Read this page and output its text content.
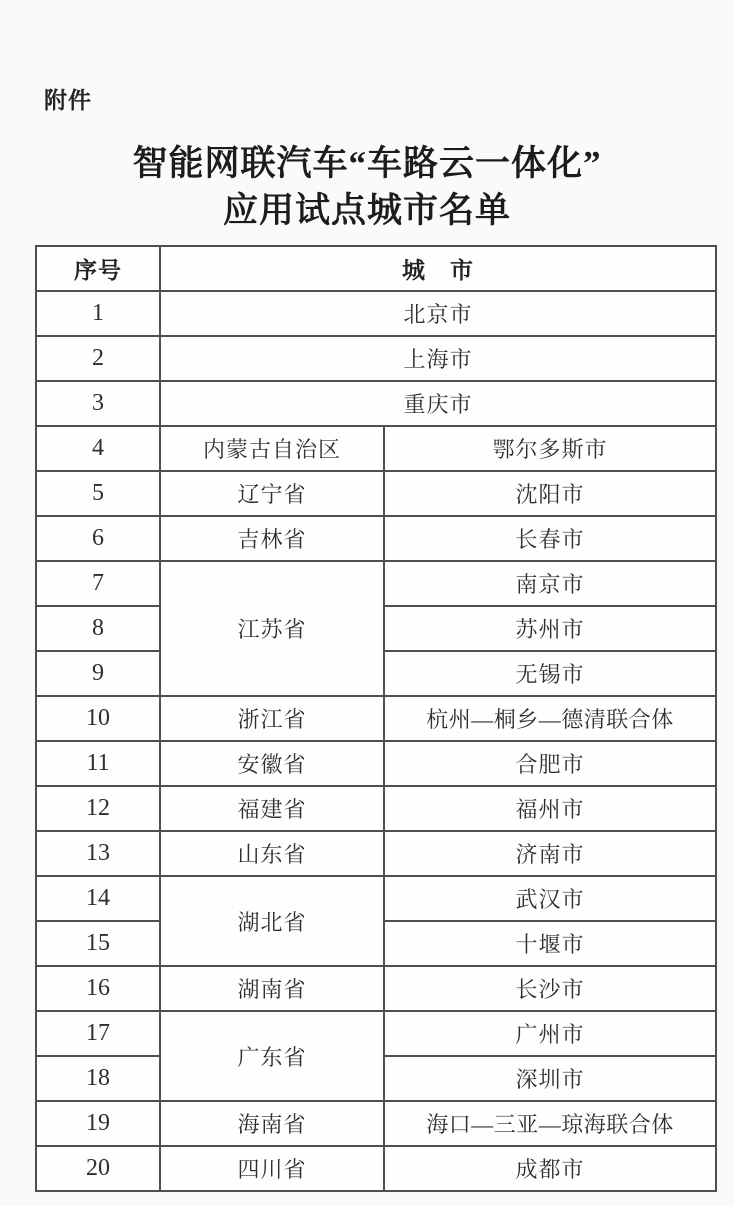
附件
智能网联汽车“车路云一体化”
应用试点城市名单
序号	城　市	
1	北京市	
2	上海市	
3	重庆市	
4	内蒙古自治区	鄂尔多斯市
5	辽宁省	沈阳市
6	吉林省	长春市
7	江苏省	南京市
8		苏州市
9		无锡市
10	浙江省	杭州—桐乡—德清联合体
11	安徽省	合肥市
12	福建省	福州市
13	山东省	济南市
14	湖北省	武汉市
15		十堰市
16	湖南省	长沙市
17	广东省	广州市
18		深圳市
19	海南省	海口—三亚—琼海联合体
20	四川省	成都市
